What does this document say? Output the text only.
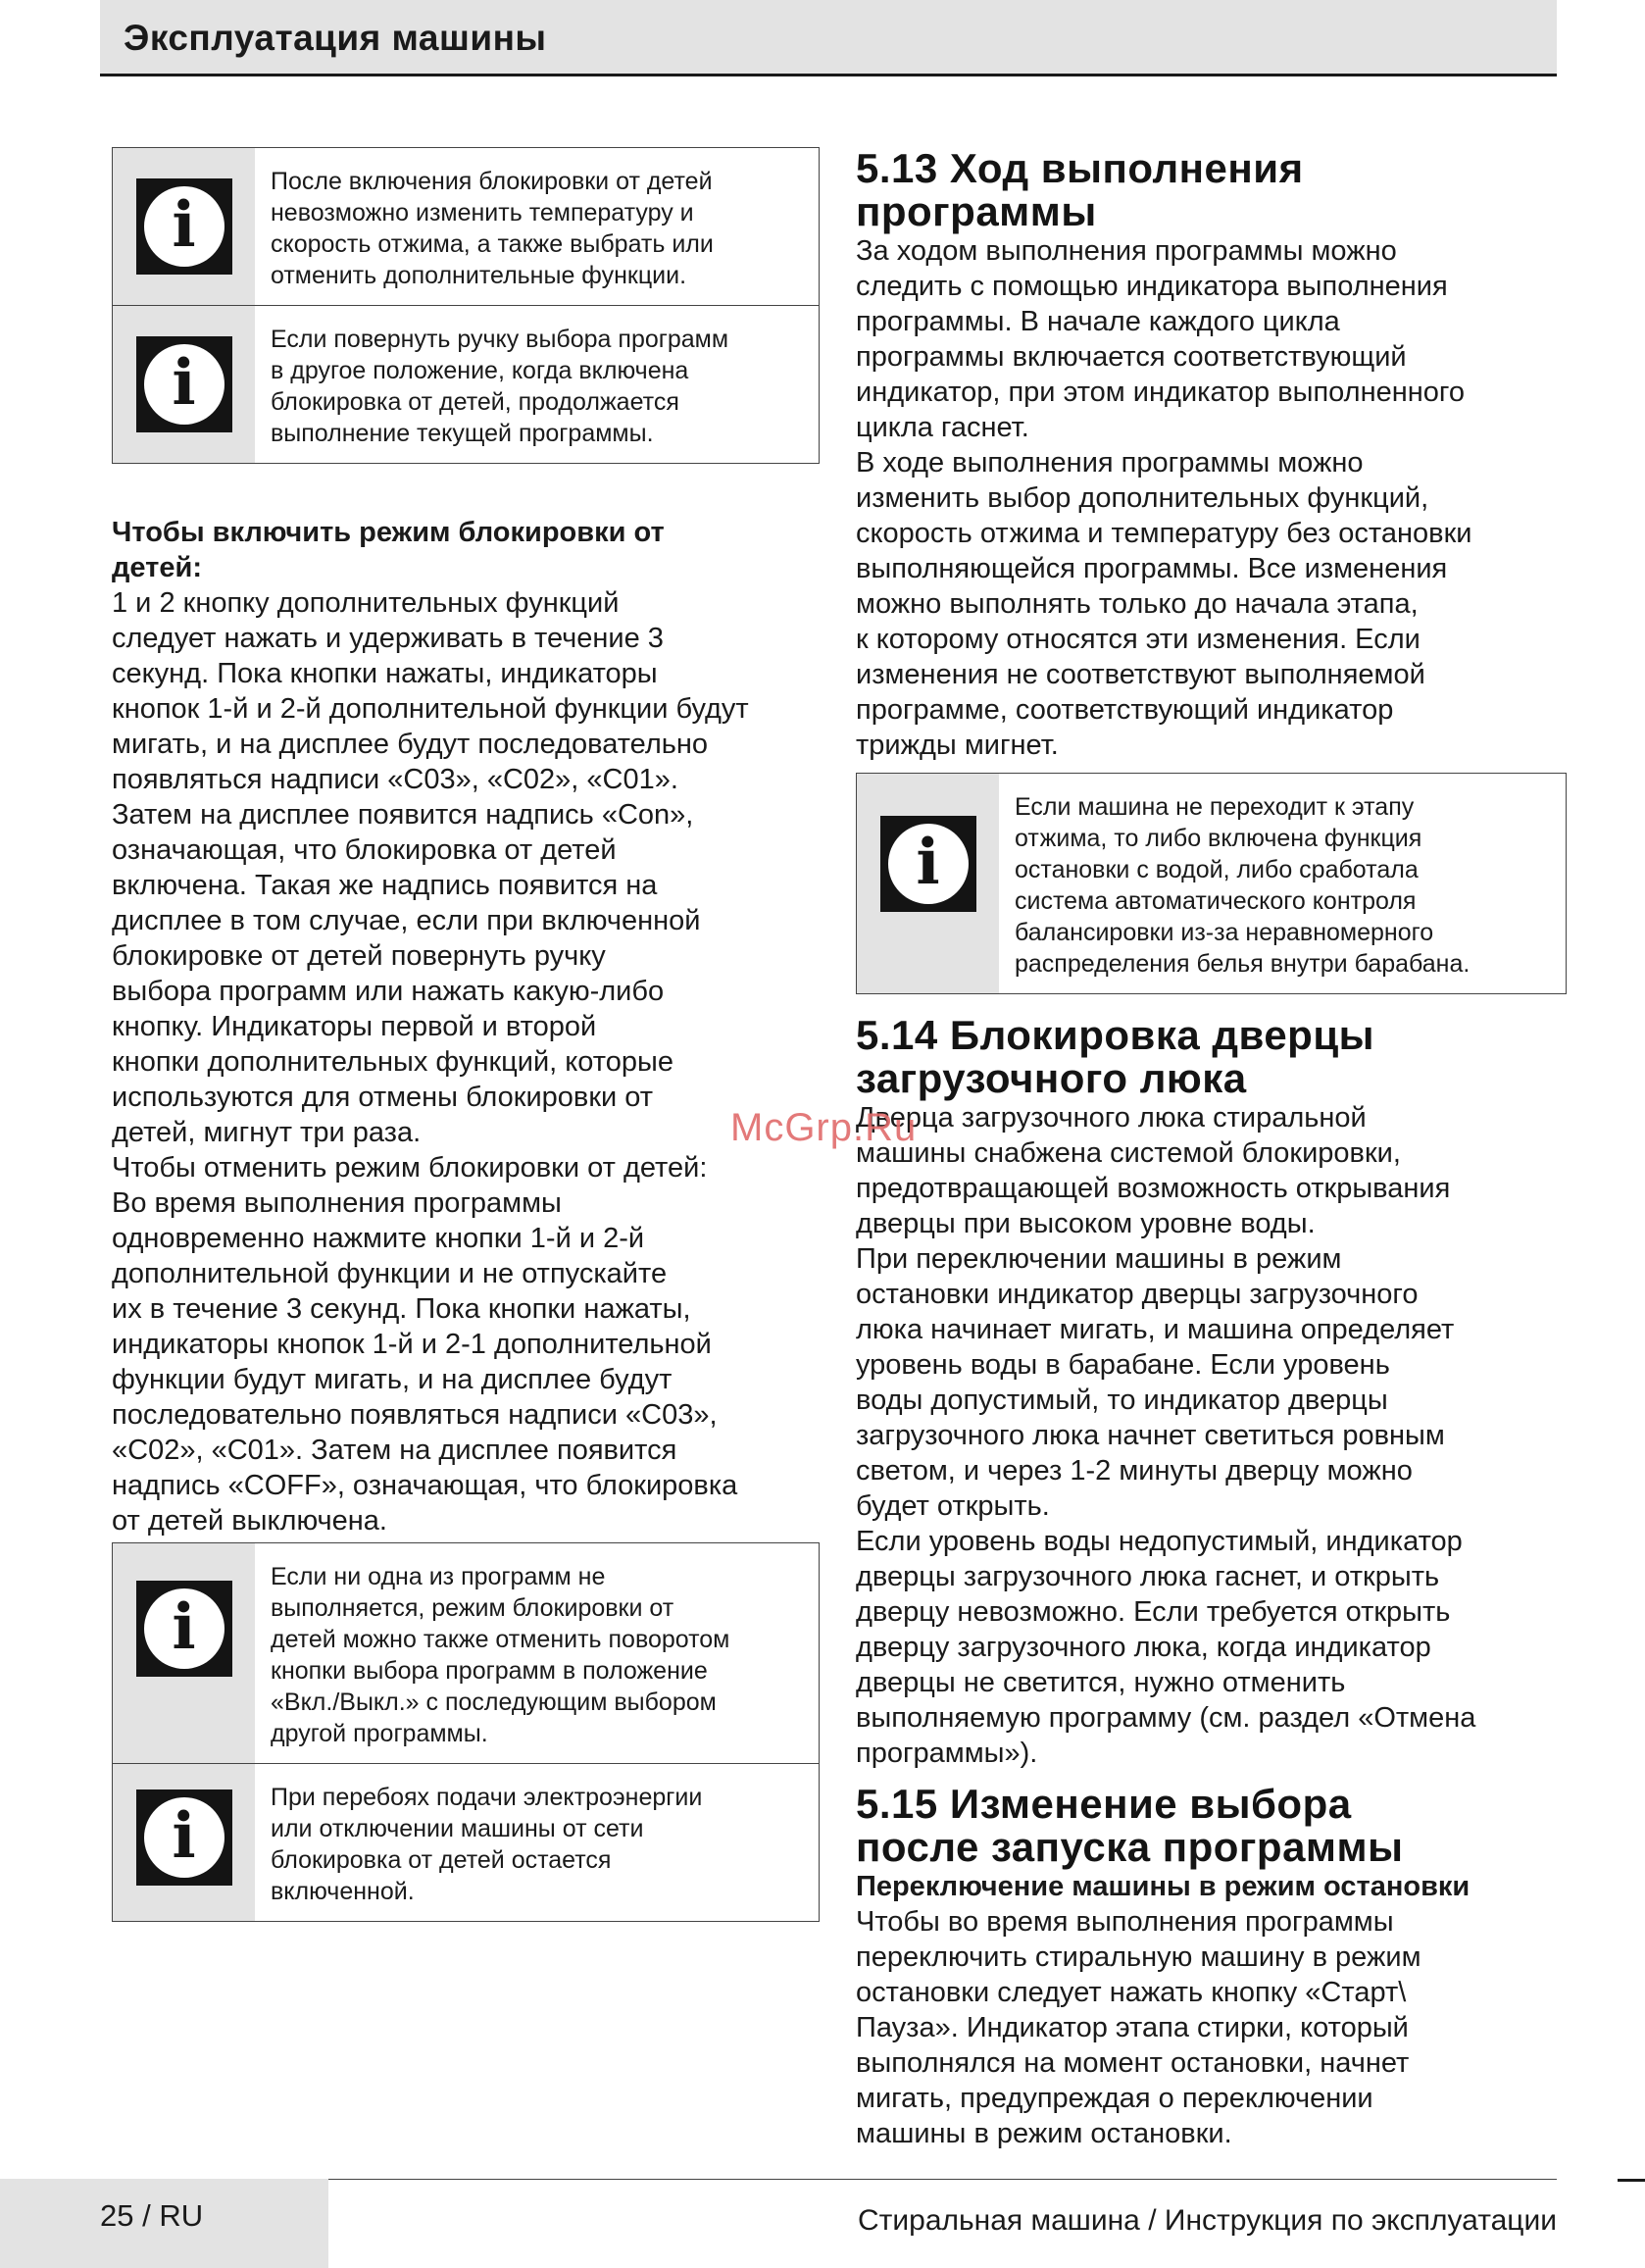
Эксплуатация машины
i
После включения блокировки от детей
невозможно изменить температуру и
скорость отжима, а также выбрать или
отменить дополнительные функции.
i
Если повернуть ручку выбора программ
в другое положение, когда включена
блокировка от детей, продолжается
выполнение текущей программы.
Чтобы включить режим блокировки от
детей:
1 и 2 кнопку дополнительных функций
следует нажать и удерживать в течение 3
секунд. Пока кнопки нажаты, индикаторы
кнопок 1-й и 2-й дополнительной функции будут
мигать, и на дисплее будут последовательно
появляться надписи «C03», «C02», «C01».
Затем на дисплее появится надпись «Con»,
означающая, что блокировка от детей
включена. Такая же надпись появится на
дисплее в том случае, если при включенной
блокировке от детей повернуть ручку
выбора программ или нажать какую-либо
кнопку. Индикаторы первой и второй
кнопки дополнительных функций, которые
используются для отмены блокировки от
детей, мигнут три раза.
Чтобы отменить режим блокировки от детей:
Во время выполнения программы
одновременно нажмите кнопки 1-й и 2-й
дополнительной функции и не отпускайте
их в течение 3 секунд. Пока кнопки нажаты,
индикаторы кнопок 1-й и 2-1 дополнительной
функции будут мигать, и на дисплее будут
последовательно появляться надписи «C03»,
«C02», «C01». Затем на дисплее появится
надпись «COFF», означающая, что блокировка
от детей выключена.
i
Если ни одна из программ не
выполняется, режим блокировки от
детей можно также отменить поворотом
кнопки выбора программ в положение
«Вкл./Выкл.» с последующим выбором
другой программы.
i
При перебоях подачи электроэнергии
или отключении машины от сети
блокировка от детей остается
включенной.
5.13 Ход выполнения
программы
За ходом выполнения программы можно
следить с помощью индикатора выполнения
программы. В начале каждого цикла
программы включается соответствующий
индикатор, при этом индикатор выполненного
цикла гаснет.
В ходе выполнения программы можно
изменить выбор дополнительных функций,
скорость отжима и температуру без остановки
выполняющейся программы. Все изменения
можно выполнять только до начала этапа,
к которому относятся эти изменения. Если
изменения не соответствуют выполняемой
программе, соответствующий индикатор
трижды мигнет.
i
Если машина не переходит к этапу
отжима, то либо включена функция
остановки с водой, либо сработала
система автоматического контроля
балансировки из-за неравномерного
распределения белья внутри барабана.
5.14 Блокировка дверцы
загрузочного люка
Дверца загрузочного люка стиральной
машины снабжена системой блокировки,
предотвращающей возможность открывания
дверцы при высоком уровне воды.
При переключении машины в режим
остановки индикатор дверцы загрузочного
люка начинает мигать, и машина определяет
уровень воды в барабане. Если уровень
воды допустимый, то индикатор дверцы
загрузочного люка начнет светиться ровным
светом, и через 1-2 минуты дверцу можно
будет открыть.
Если уровень воды недопустимый, индикатор
дверцы загрузочного люка гаснет, и открыть
дверцу невозможно. Если требуется открыть
дверцу загрузочного люка, когда индикатор
дверцы не светится, нужно отменить
выполняемую программу (см. раздел «Отмена
программы»).
5.15 Изменение выбора
после запуска программы
Переключение машины в режим остановки
Чтобы во время выполнения программы
переключить стиральную машину в режим
остановки следует нажать кнопку «Старт\
Пауза». Индикатор этапа стирки, который
выполнялся на момент остановки, начнет
мигать, предупреждая о переключении
машины в режим остановки.
McGrp.Ru
25 / RU	Стиральная машина / Инструкция по эксплуатации
